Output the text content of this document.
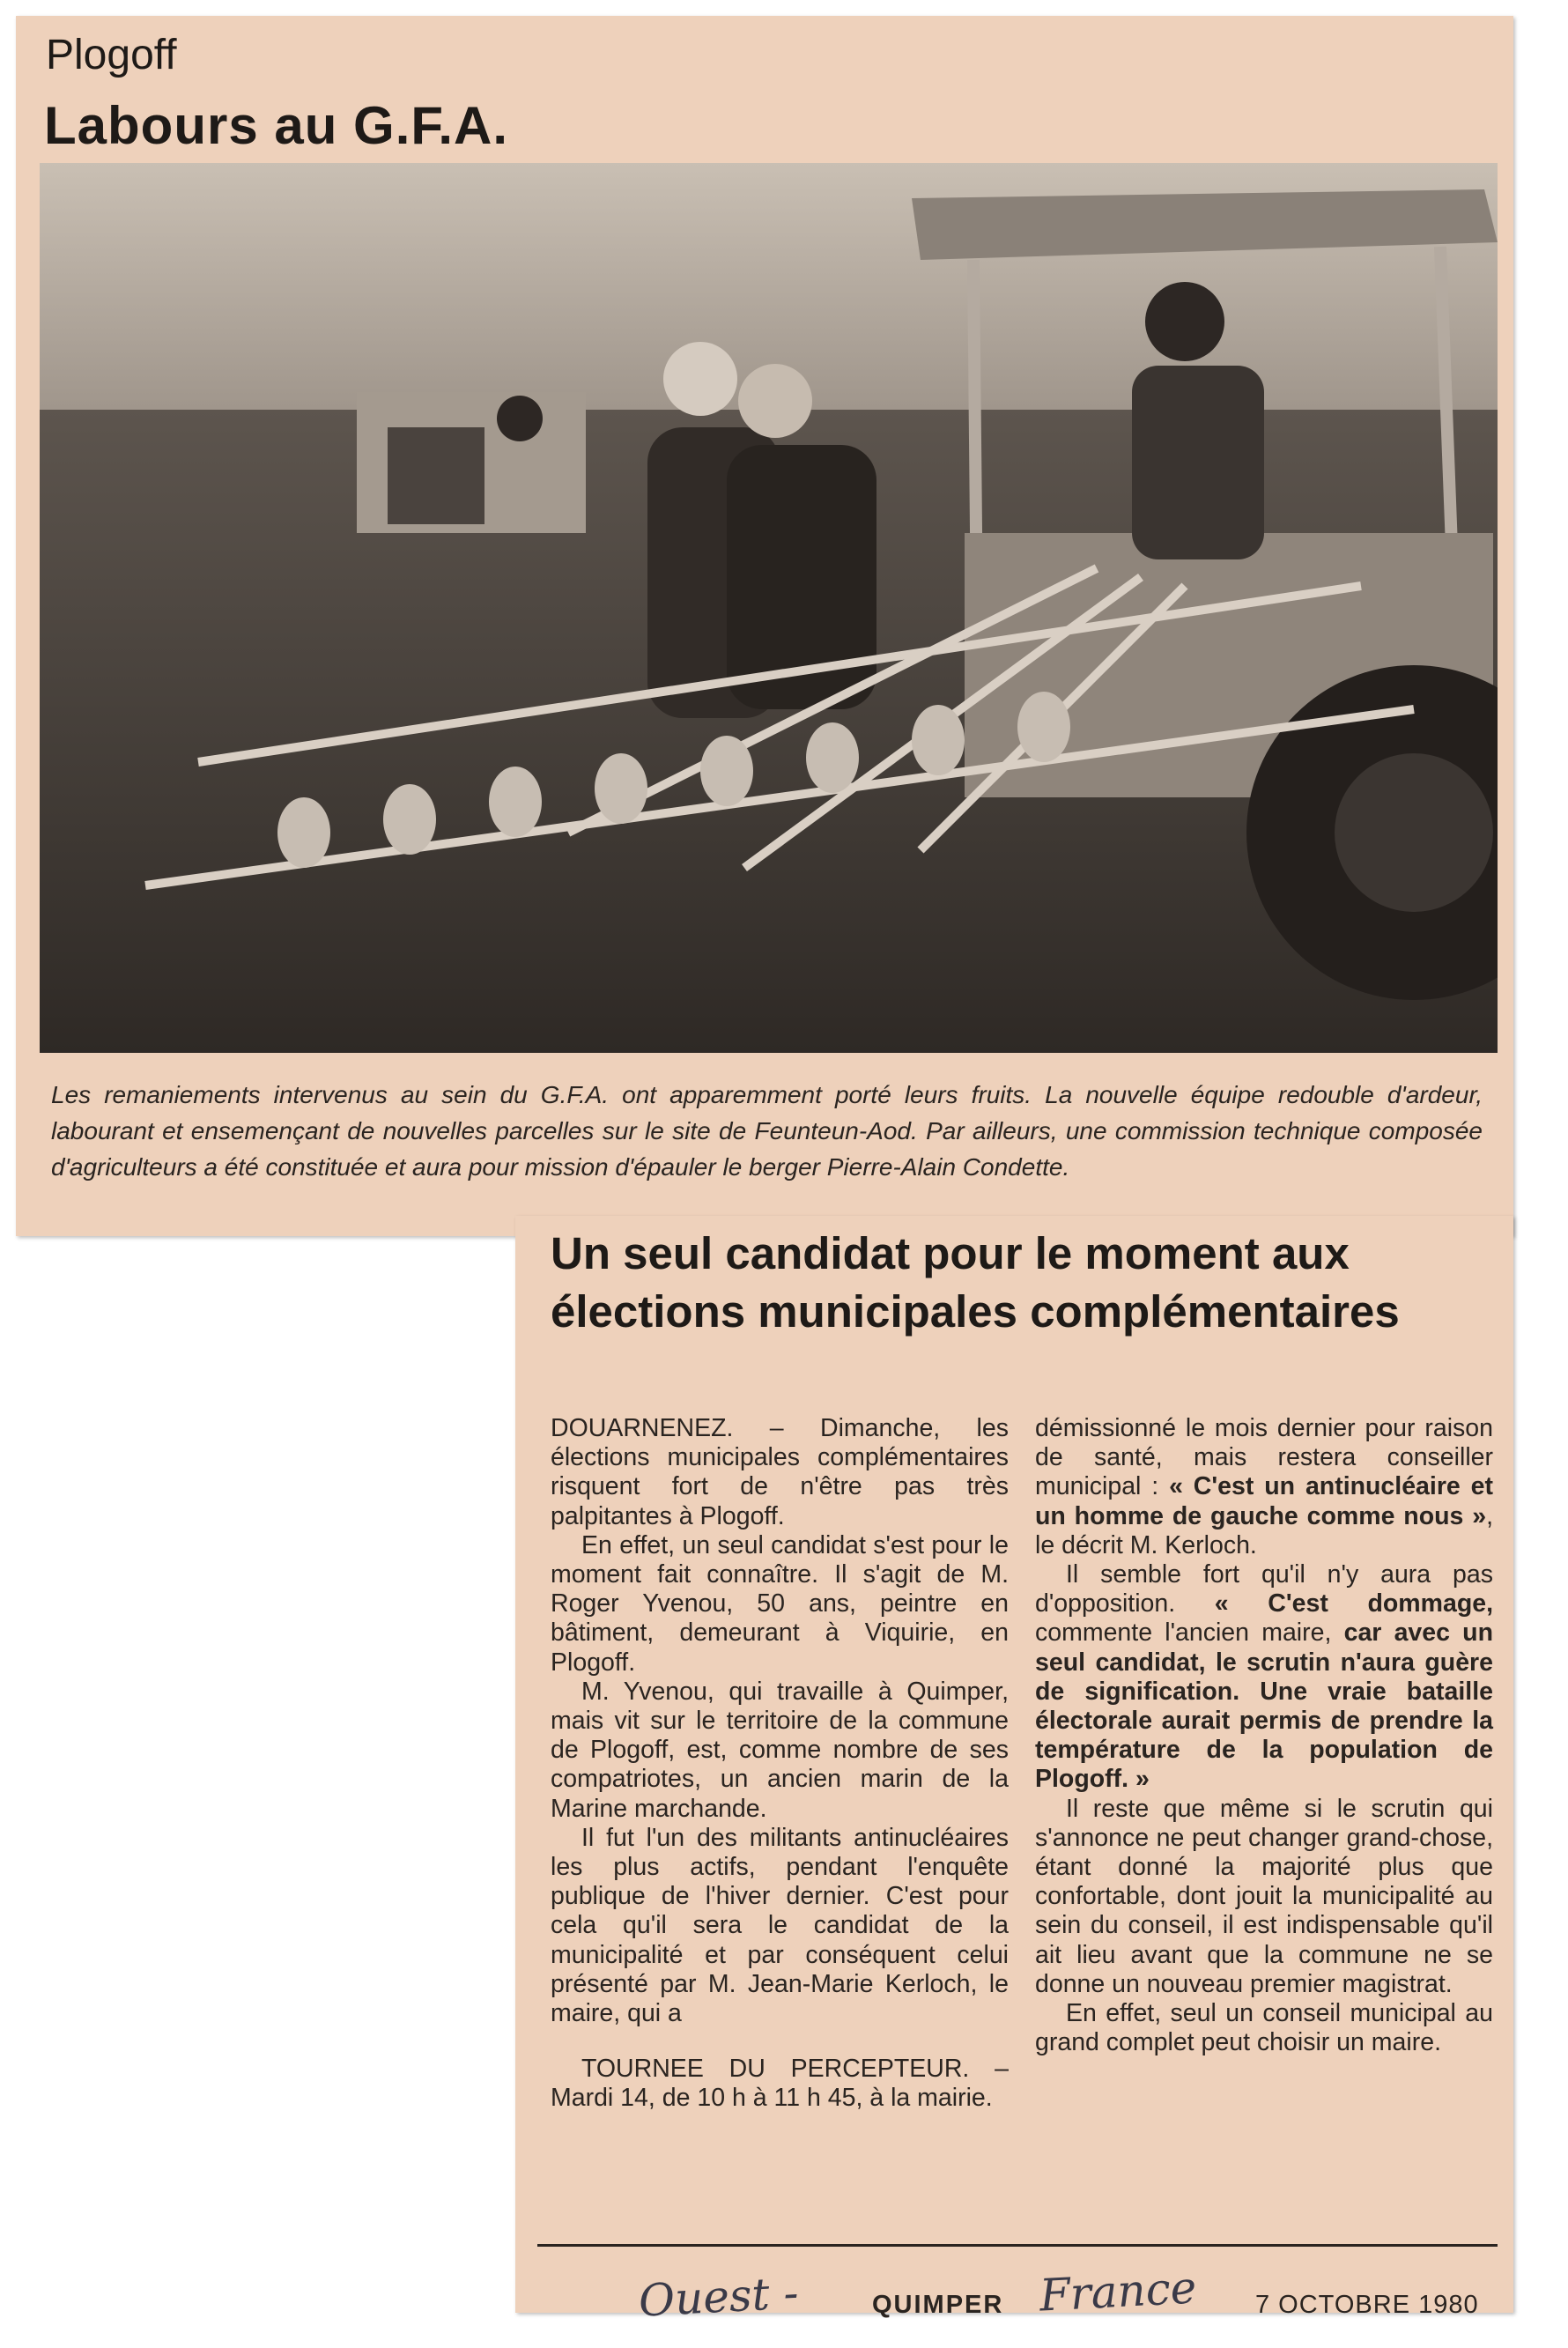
Plogoff
Labours au G.F.A.
Les remaniements intervenus au sein du G.F.A. ont apparemment porté leurs fruits. La nouvelle équipe redouble d'ardeur, labourant et ensemençant de nouvelles parcelles sur le site de Feunteun-Aod. Par ailleurs, une commission technique composée d'agriculteurs a été constituée et aura pour mission d'épauler le berger Pierre-Alain Condette.
Un seul candidat pour le moment aux élections municipales complémentaires

DOUARNENEZ. – Dimanche, les élections municipales complémentaires risquent fort de n'être pas très palpitantes à Plogoff.

En effet, un seul candidat s'est pour le moment fait connaître. Il s'agit de M. Roger Yvenou, 50 ans, peintre en bâtiment, demeurant à Viquirie, en Plogoff.

M. Yvenou, qui travaille à Quimper, mais vit sur le territoire de la commune de Plogoff, est, comme nombre de ses compatriotes, un ancien marin de la Marine marchande.

Il fut l'un des militants antinucléaires les plus actifs, pendant l'enquête publique de l'hiver dernier. C'est pour cela qu'il sera le candidat de la municipalité et par conséquent celui présenté par M. Jean-Marie Kerloch, le maire, qui a

TOURNEE DU PERCEPTEUR. – Mardi 14, de 10 h à 11 h 45, à la mairie.

démissionné le mois dernier pour raison de santé, mais restera conseiller municipal : « C'est un antinucléaire et un homme de gauche comme nous », le décrit M. Kerloch.

Il semble fort qu'il n'y aura pas d'opposition. « C'est dommage, commente l'ancien maire, car avec un seul candidat, le scrutin n'aura guère de signification. Une vraie bataille électorale aurait permis de prendre la température de la population de Plogoff. »

Il reste que même si le scrutin qui s'annonce ne peut changer grand-chose, étant donné la majorité plus que confortable, dont jouit la municipalité au sein du conseil, il est indispensable qu'il ait lieu avant que la commune ne se donne un nouveau premier magistrat.

En effet, seul un conseil municipal au grand complet peut choisir un maire.

Ouest -	QUIMPER France 7 OCTOBRE 1980
